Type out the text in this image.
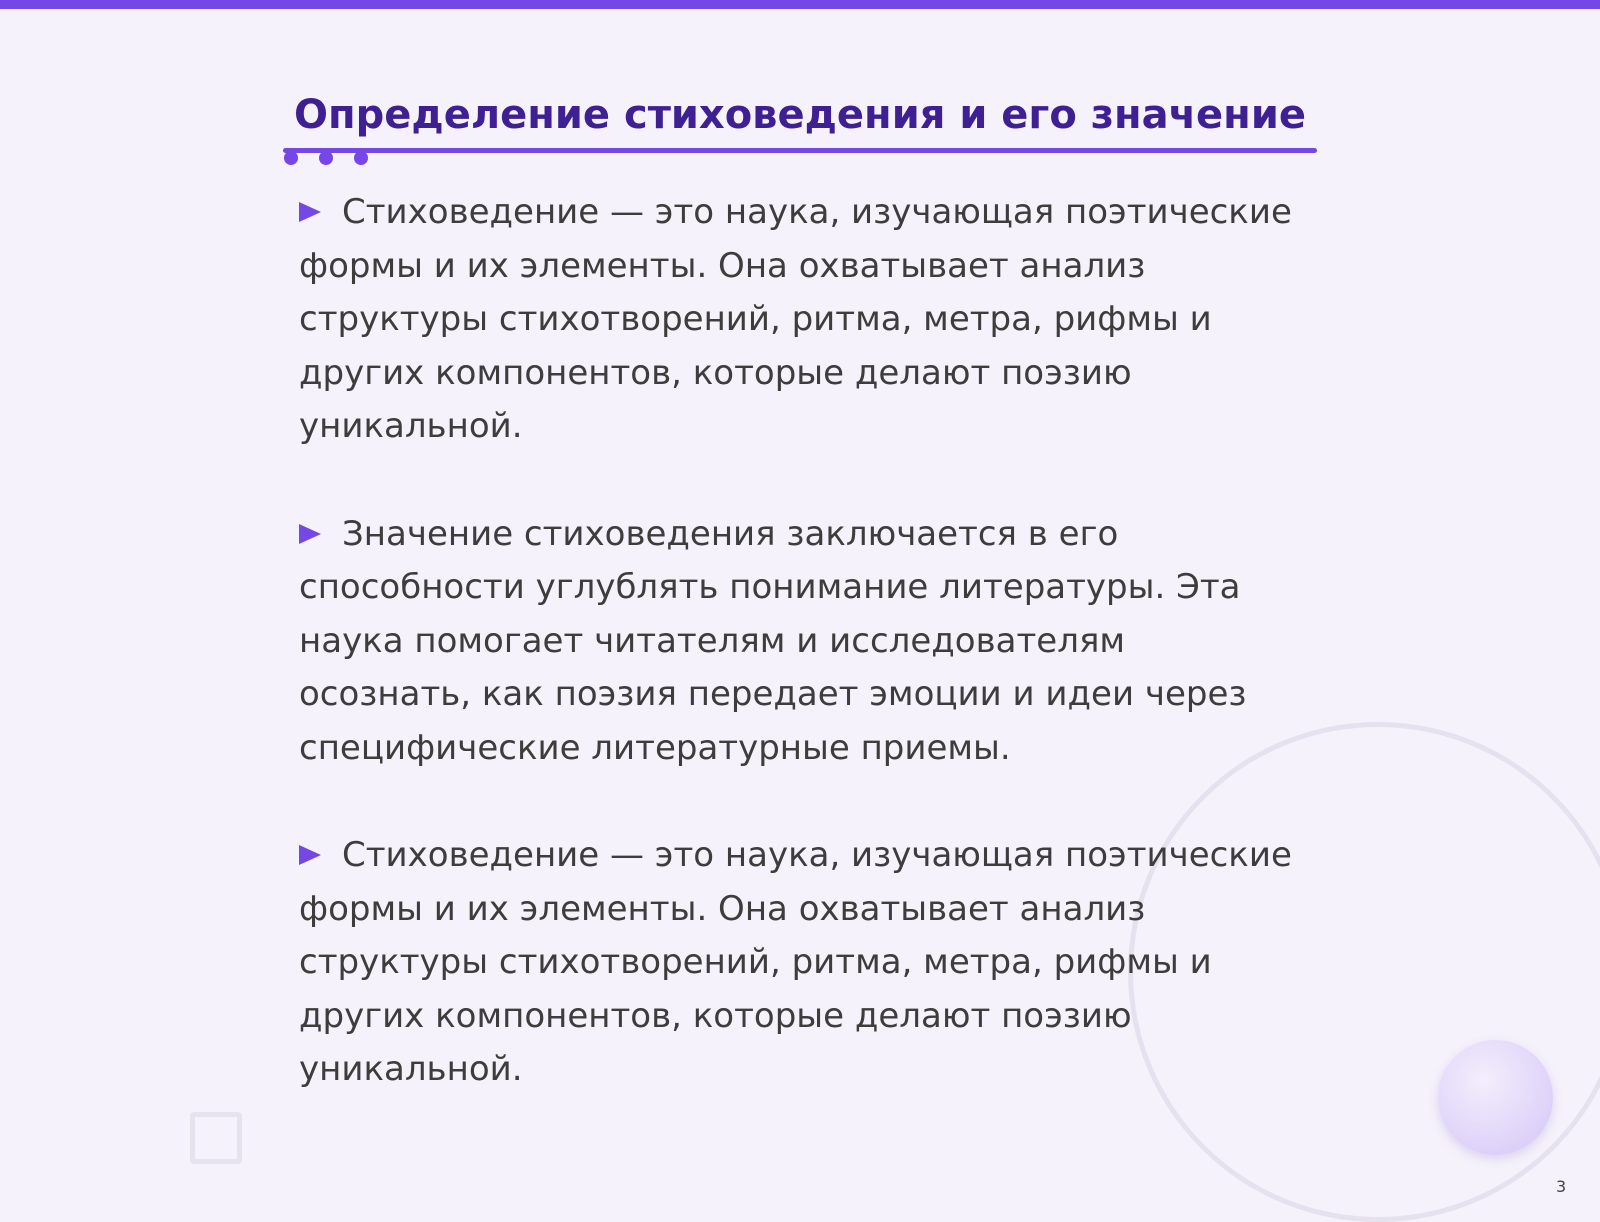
Определение стиховедения и его значение

Стиховедение — это наука, изучающая поэтические формы и их элементы. Она охватывает анализ структуры стихотворений, ритма, метра, рифмы и других компонентов, которые делают поэзию уникальной.

Значение стиховедения заключается в его способности углублять понимание литературы. Эта наука помогает читателям и исследователям осознать, как поэзия передает эмоции и идеи через специфические литературные приемы.

Стиховедение — это наука, изучающая поэтические формы и их элементы. Она охватывает анализ структуры стихотворений, ритма, метра, рифмы и других компонентов, которые делают поэзию уникальной.

3
